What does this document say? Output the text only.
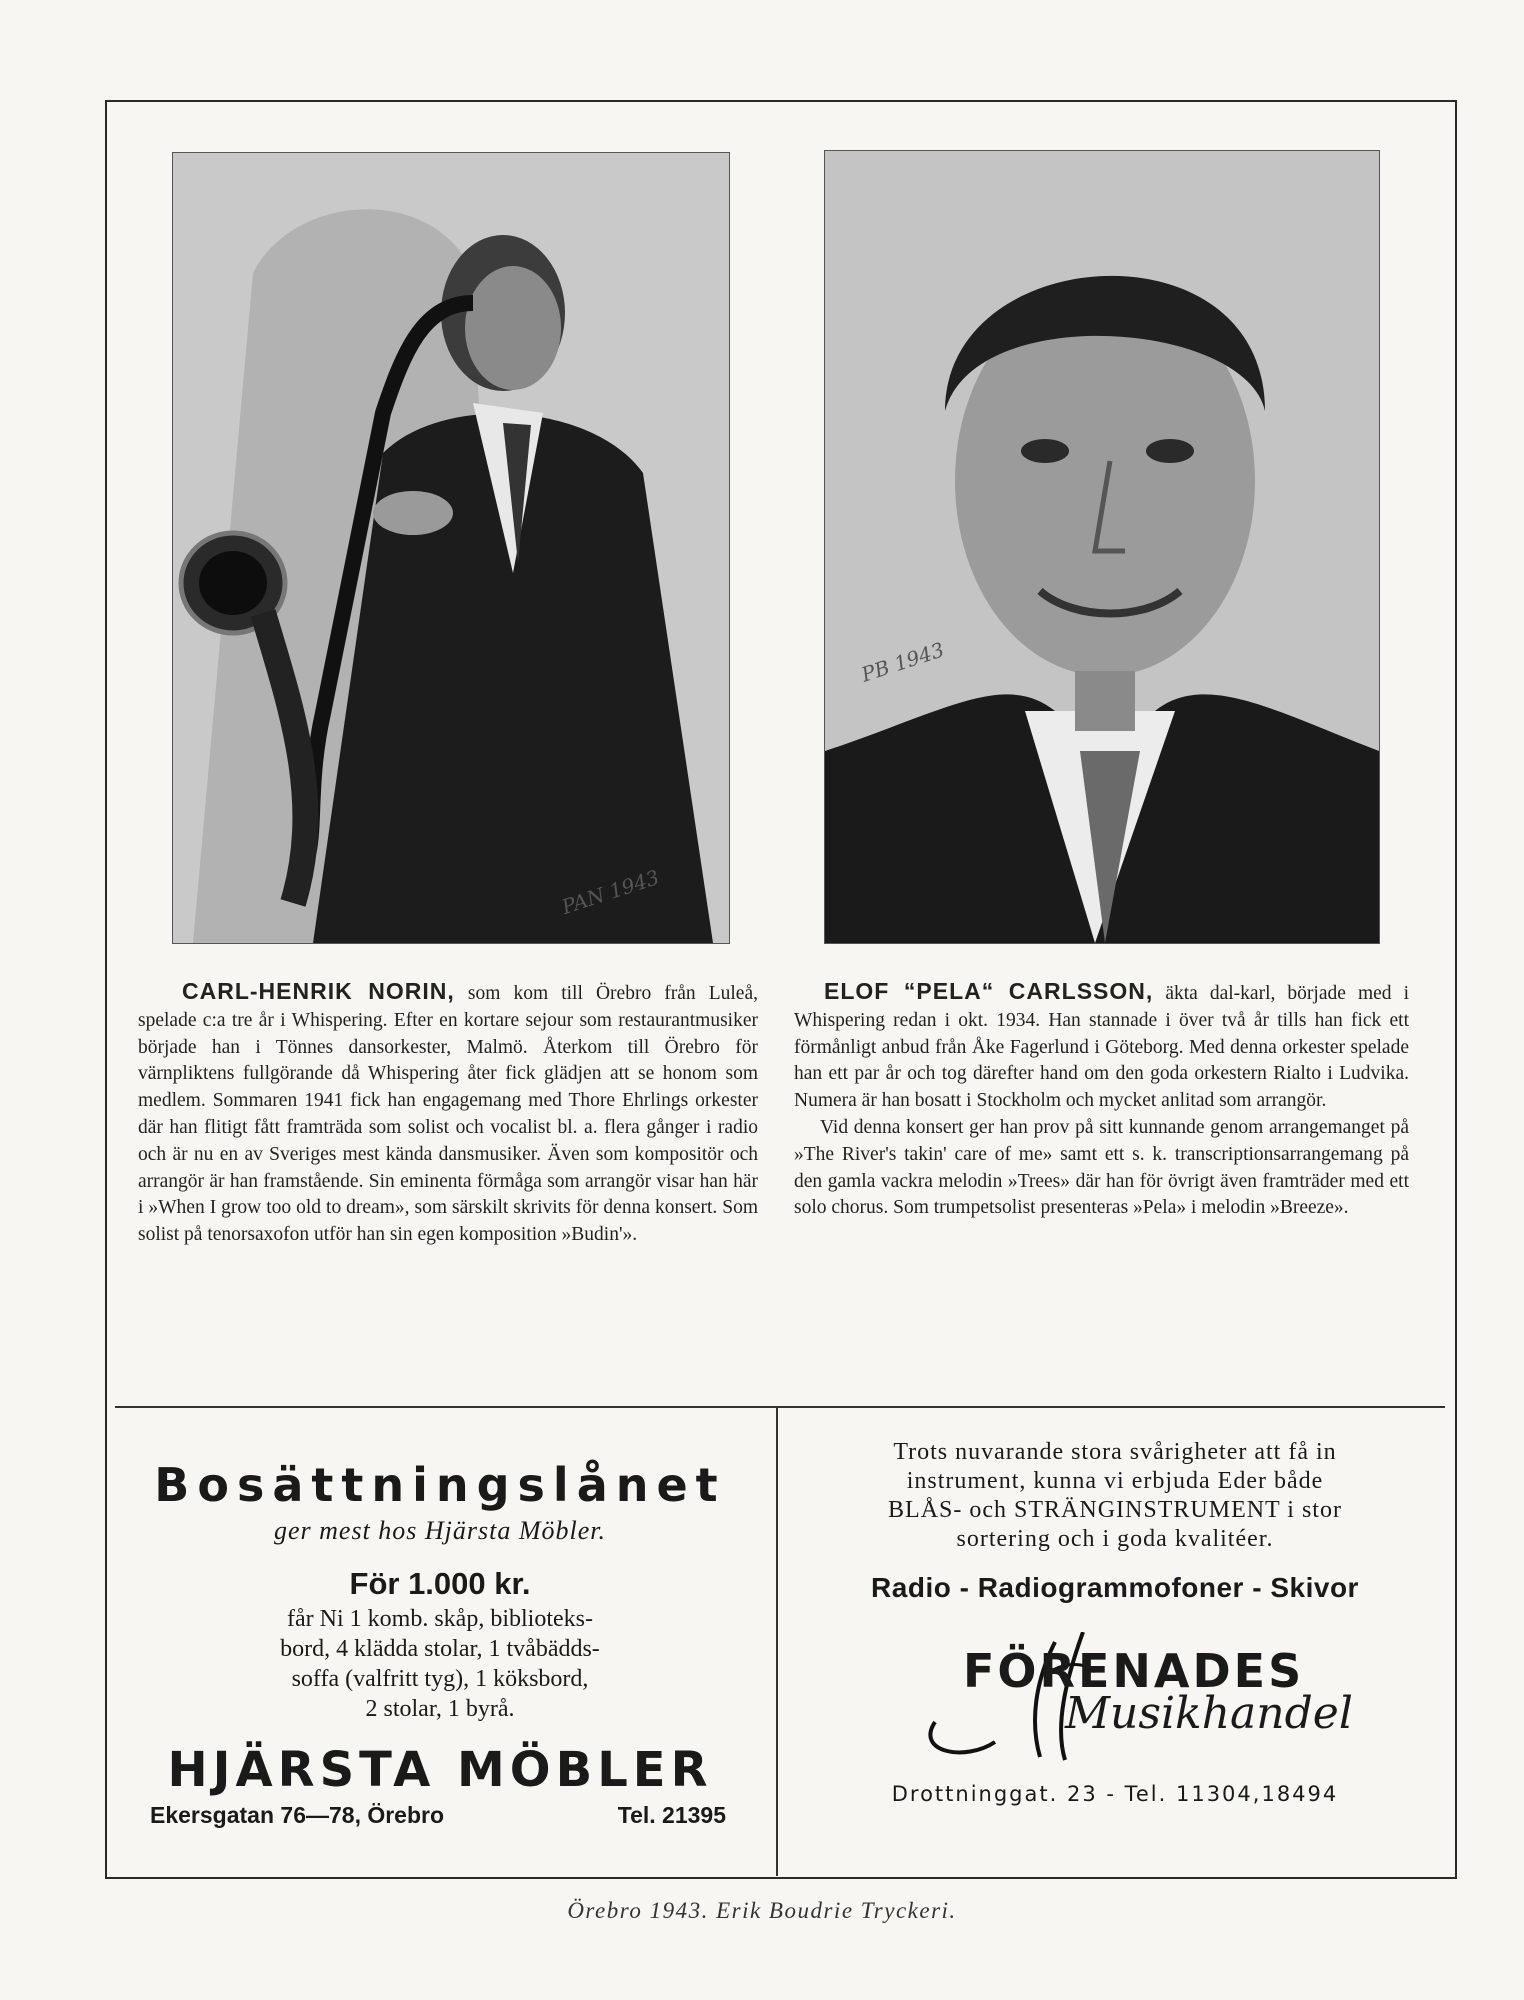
PAN 1943
PB 1943
CARL-HENRIK NORIN, som kom till Örebro från Luleå, spelade c:a tre år i Whispering. Efter en kortare sejour som restaurantmusiker började han i Tönnes dansorkester, Malmö. Återkom till Örebro för värnpliktens fullgörande då Whispering åter fick glädjen att se honom som medlem. Sommaren 1941 fick han engagemang med Thore Ehrlings orkester där han flitigt fått framträda som solist och vocalist bl. a. flera gånger i radio och är nu en av Sveriges mest kända dansmusiker. Även som kompositör och arrangör är han framstående. Sin eminenta förmåga som arrangör visar han här i »When I grow too old to dream», som särskilt skrivits för denna konsert. Som solist på tenorsaxofon utför han sin egen komposition »Budin'».

ELOF “PELA“ CARLSSON, äkta dal-karl, började med i Whispering redan i okt. 1934. Han stannade i över två år tills han fick ett förmånligt anbud från Åke Fagerlund i Göteborg. Med denna orkester spelade han ett par år och tog därefter hand om den goda orkestern Rialto i Ludvika. Numera är han bosatt i Stockholm och mycket anlitad som arrangör.

Vid denna konsert ger han prov på sitt kunnande genom arrangemanget på »The River's takin' care of me» samt ett s. k. transcriptionsarrangemang på den gamla vackra melodin »Trees» där han för övrigt även framträder med ett solo chorus. Som trumpetsolist presenteras »Pela» i melodin »Breeze».

Bosättningslånet
ger mest hos Hjärsta Möbler.
För 1.000 kr.
får Ni 1 komb. skåp, biblioteks-
bord, 4 klädda stolar, 1 tvåbädds-
soffa (valfritt tyg), 1 köksbord,
2 stolar, 1 byrå.
HJÄRSTA MÖBLER
Ekersgatan 76—78, Örebro	Tel. 21395
Trots nuvarande stora svårigheter att få in
instrument, kunna vi erbjuda Eder både
BLÅS- och STRÄNGINSTRUMENT i stor
sortering och i goda kvalitéer.
Radio - Radiogrammofoner - Skivor
FÖRENADES
Musikhandel
Drottninggat. 23 - Tel. 11304,18494
Örebro 1943. Erik Boudrie Tryckeri.
